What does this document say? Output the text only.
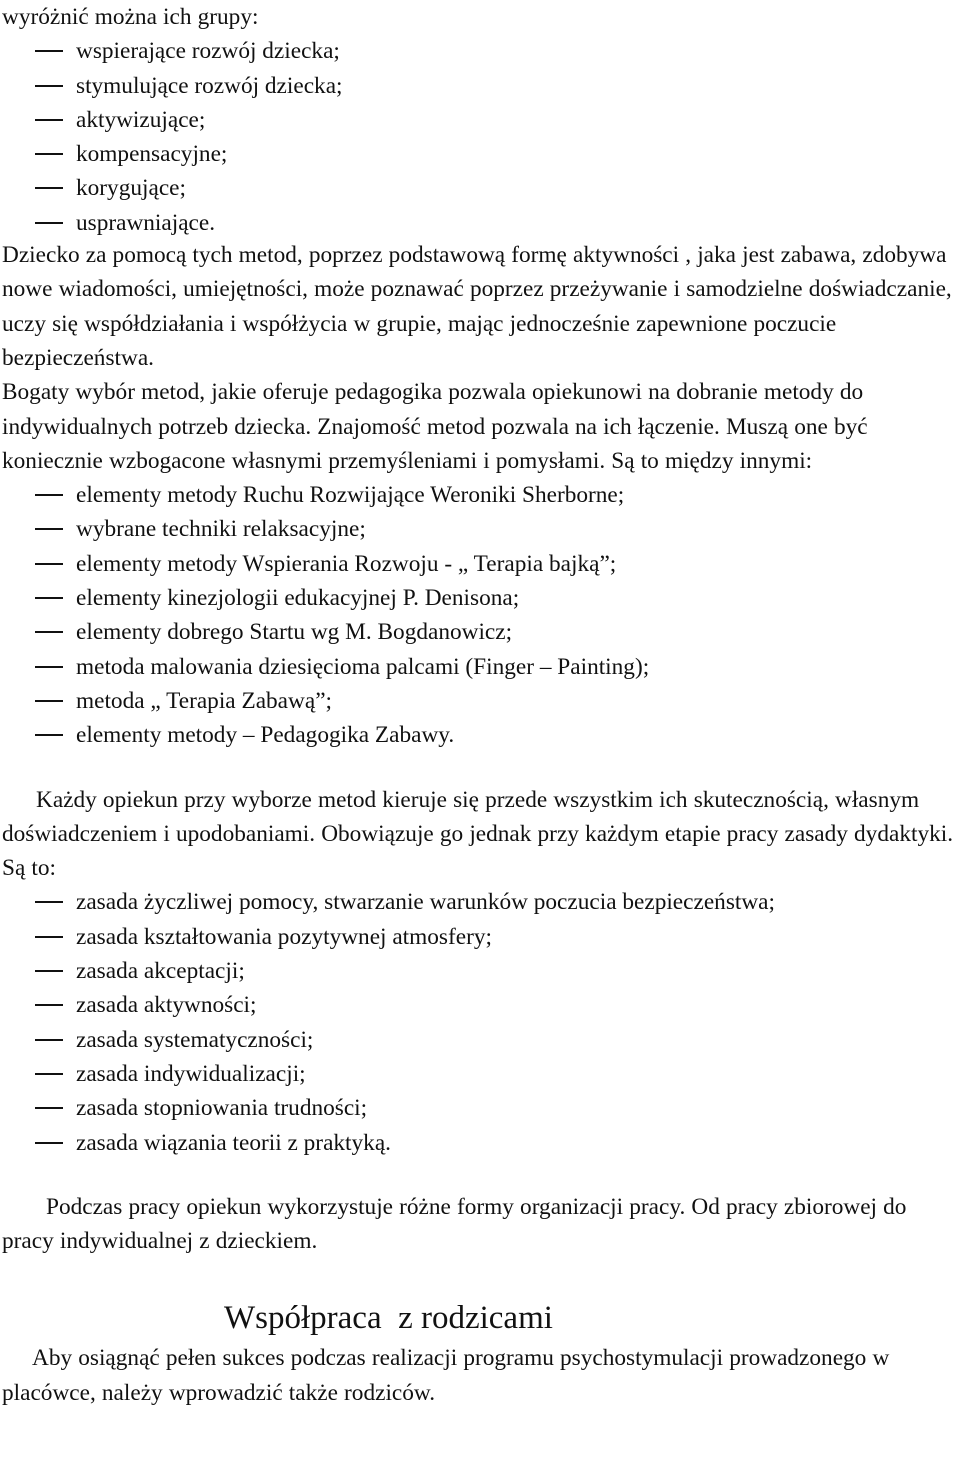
wyróżnić można ich grupy:

wspierające rozwój dziecka;
stymulujące rozwój dziecka;
aktywizujące;
kompensacyjne;
korygujące;
usprawniające.

Dziecko za pomocą tych metod, poprzez podstawową formę aktywności , jaka jest zabawa, zdobywa nowe wiadomości, umiejętności, może poznawać poprzez przeżywanie i samodzielne doświadczanie, uczy się współdziałania i współżycia w grupie, mając jednocześnie zapewnione poczucie bezpieczeństwa.

Bogaty wybór metod, jakie oferuje pedagogika pozwala opiekunowi na dobranie metody do indywidualnych potrzeb dziecka. Znajomość metod pozwala na ich łączenie. Muszą one być koniecznie wzbogacone własnymi przemyśleniami i pomysłami. Są to między innymi:

elementy metody Ruchu Rozwijające Weroniki Sherborne;
wybrane techniki relaksacyjne;
elementy metody Wspierania Rozwoju - „ Terapia bajką”;
elementy kinezjologii edukacyjnej P. Denisona;
elementy dobrego Startu wg M. Bogdanowicz;
metoda malowania dziesięcioma palcami (Finger – Painting);
metoda „ Terapia Zabawą”;
elementy metody – Pedagogika Zabawy.

Każdy opiekun przy wyborze metod kieruje się przede wszystkim ich skutecznością, własnym doświadczeniem i upodobaniami. Obowiązuje go jednak przy każdym etapie pracy zasady dydaktyki.

Są to:

zasada życzliwej pomocy, stwarzanie warunków poczucia bezpieczeństwa;
zasada kształtowania pozytywnej atmosfery;
zasada akceptacji;
zasada aktywności;
zasada systematyczności;
zasada indywidualizacji;
zasada stopniowania trudności;
zasada wiązania teorii z praktyką.

Podczas pracy opiekun wykorzystuje różne formy organizacji pracy. Od pracy zbiorowej do pracy indywidualnej z dzieckiem.

Współpraca  z rodzicami

Aby osiągnąć pełen sukces podczas realizacji programu psychostymulacji prowadzonego w placówce, należy wprowadzić także rodziców.
